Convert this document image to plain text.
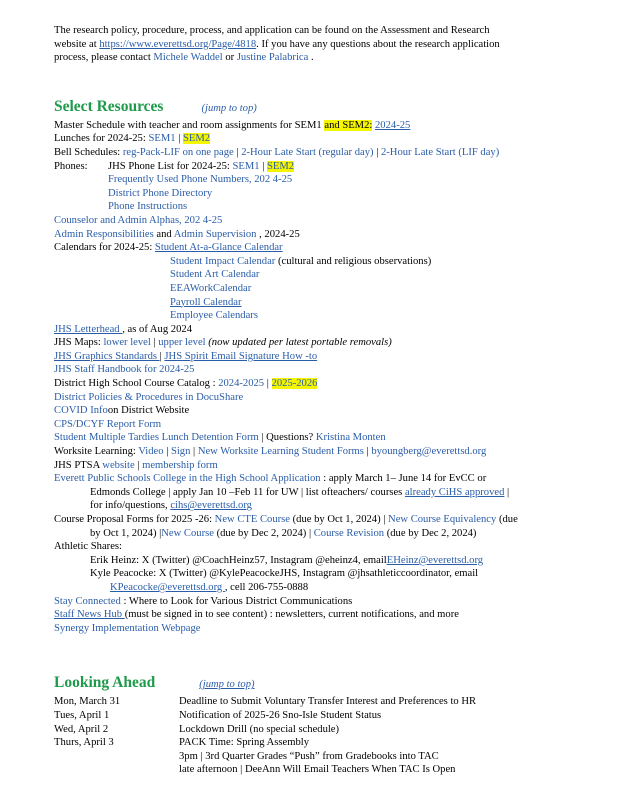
The research policy, procedure, process, and application can be found on the Assessment and Research
website at https://www.everettsd.org/Page/4818. If you have any questions about the research application
process, please contact Michele Waddel or Justine Palabrica .
Select Resources	(jump to top)
Master Schedule with teacher and room assignments for SEM1 and SEM2: 2024-25
Lunches for 2024-25: SEM1 | SEM2
Bell Schedules: reg-Pack-LIF on one page | 2-Hour Late Start (regular day) | 2-Hour Late Start (LIF day)
Phones: JHS Phone List for 2024-25: SEM1 | SEM2
Frequently Used Phone Numbers, 202 4-25
District Phone Directory
Phone Instructions
Counselor and Admin Alphas, 202 4-25
Admin Responsibilities and Admin Supervision , 2024-25
Calendars for 2024-25: Student At-a-Glance Calendar
Student Impact Calendar (cultural and religious observations)
Student Art Calendar
EEAWorkCalendar
Payroll Calendar
Employee Calendars
JHS Letterhead , as of Aug 2024
JHS Maps: lower level | upper level (now updated per latest portable removals)
JHS Graphics Standards | JHS Spirit Email Signature How -to
JHS Staff Handbook for 2024-25
District High School Course Catalog : 2024-2025 | 2025-2026
District Policies & Procedures in DocuShare
COVID Infoon District Website
CPS/DCYF Report Form
Student Multiple Tardies Lunch Detention Form | Questions? Kristina Monten
Worksite Learning: Video | Sign | New Worksite Learning Student Forms | byoungberg@everettsd.org
JHS PTSA website | membership form
Everett Public Schools College in the High School Application : apply March 1– June 14 for EvCC or
Edmonds College | apply Jan 10 –Feb 11 for UW | list ofteachers/ courses already CiHS approved |
for info/questions, cihs@everettsd.org
Course Proposal Forms for 2025 -26: New CTE Course (due by Oct 1, 2024) | New Course Equivalency (due
by Oct 1, 2024) |New Course (due by Dec 2, 2024) | Course Revision (due by Dec 2, 2024)
Athletic Shares:
Erik Heinz: X (Twitter) @CoachHeinz57, Instagram @eheinz4, emailEHeinz@everettsd.org
Kyle Peacocke: X (Twitter) @KylePeacockeJHS, Instagram @jhsathleticcoordinator, email
KPeacocke@everettsd.org , cell 206-755-0888
Stay Connected : Where to Look for Various District Communications
Staff News Hub (must be signed in to see content) : newsletters, current notifications, and more
Synergy Implementation Webpage
Looking Ahead	(jump to top)
Mon, March 31	Deadline to Submit Voluntary Transfer Interest and Preferences to HR
Tues, April 1	Notification of 2025-26 Sno-Isle Student Status
Wed, April 2	Lockdown Drill (no special schedule)
Thurs, April 3	PACK Time: Spring Assembly
3pm | 3rd Quarter Grades “Push” from Gradebooks into TAC
late afternoon | DeeAnn Will Email Teachers When TAC Is Open
